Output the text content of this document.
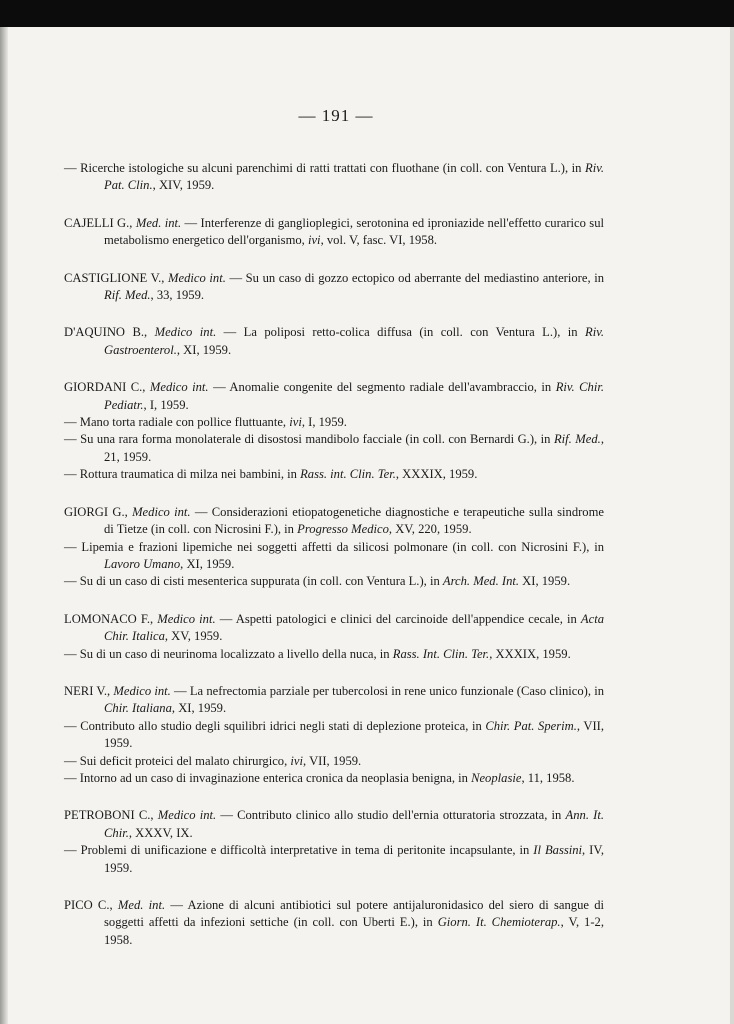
— 191 —
— Ricerche istologiche su alcuni parenchimi di ratti trattati con fluothane (in coll. con Ventura L.), in Riv. Pat. Clin., XIV, 1959.
CAJELLI G., Med. int. — Interferenze di ganglioplegici, serotonina ed iproniazide nell'effetto curarico sul metabolismo energetico dell'organismo, ivi, vol. V, fasc. VI, 1958.
CASTIGLIONE V., Medico int. — Su un caso di gozzo ectopico od aberrante del mediastino anteriore, in Rif. Med., 33, 1959.
D'AQUINO B., Medico int. — La poliposi retto-colica diffusa (in coll. con Ventura L.), in Riv. Gastroenterol., XI, 1959.
GIORDANI C., Medico int. — Anomalie congenite del segmento radiale dell'avambraccio, in Riv. Chir. Pediatr., I, 1959.
— Mano torta radiale con pollice fluttuante, ivi, I, 1959.
— Su una rara forma monolaterale di disostosi mandibolo facciale (in coll. con Bernardi G.), in Rif. Med., 21, 1959.
— Rottura traumatica di milza nei bambini, in Rass. int. Clin. Ter., XXXIX, 1959.
GIORGI G., Medico int. — Considerazioni etiopatogenetiche diagnostiche e terapeutiche sulla sindrome di Tietze (in coll. con Nicrosini F.), in Progresso Medico, XV, 220, 1959.
— Lipemia e frazioni lipemiche nei soggetti affetti da silicosi polmonare (in coll. con Nicrosini F.), in Lavoro Umano, XI, 1959.
— Su di un caso di cisti mesenterica suppurata (in coll. con Ventura L.), in Arch. Med. Int. XI, 1959.
LOMONACO F., Medico int. — Aspetti patologici e clinici del carcinoide dell'appendice cecale, in Acta Chir. Italica, XV, 1959.
— Su di un caso di neurinoma localizzato a livello della nuca, in Rass. Int. Clin. Ter., XXXIX, 1959.
NERI V., Medico int. — La nefrectomia parziale per tubercolosi in rene unico funzionale (Caso clinico), in Chir. Italiana, XI, 1959.
— Contributo allo studio degli squilibri idrici negli stati di deplezione proteica, in Chir. Pat. Sperim., VII, 1959.
— Sui deficit proteici del malato chirurgico, ivi, VII, 1959.
— Intorno ad un caso di invaginazione enterica cronica da neoplasia benigna, in Neoplasie, 11, 1958.
PETROBONI C., Medico int. — Contributo clinico allo studio dell'ernia otturatoria strozzata, in Ann. It. Chir., XXXV, IX.
— Problemi di unificazione e difficoltà interpretative in tema di peritonite incapsulante, in Il Bassini, IV, 1959.
PICO C., Med. int. — Azione di alcuni antibiotici sul potere antijaluronidasico del siero di sangue di soggetti affetti da infezioni settiche (in coll. con Uberti E.), in Giorn. It. Chemioterap., V, 1-2, 1958.
